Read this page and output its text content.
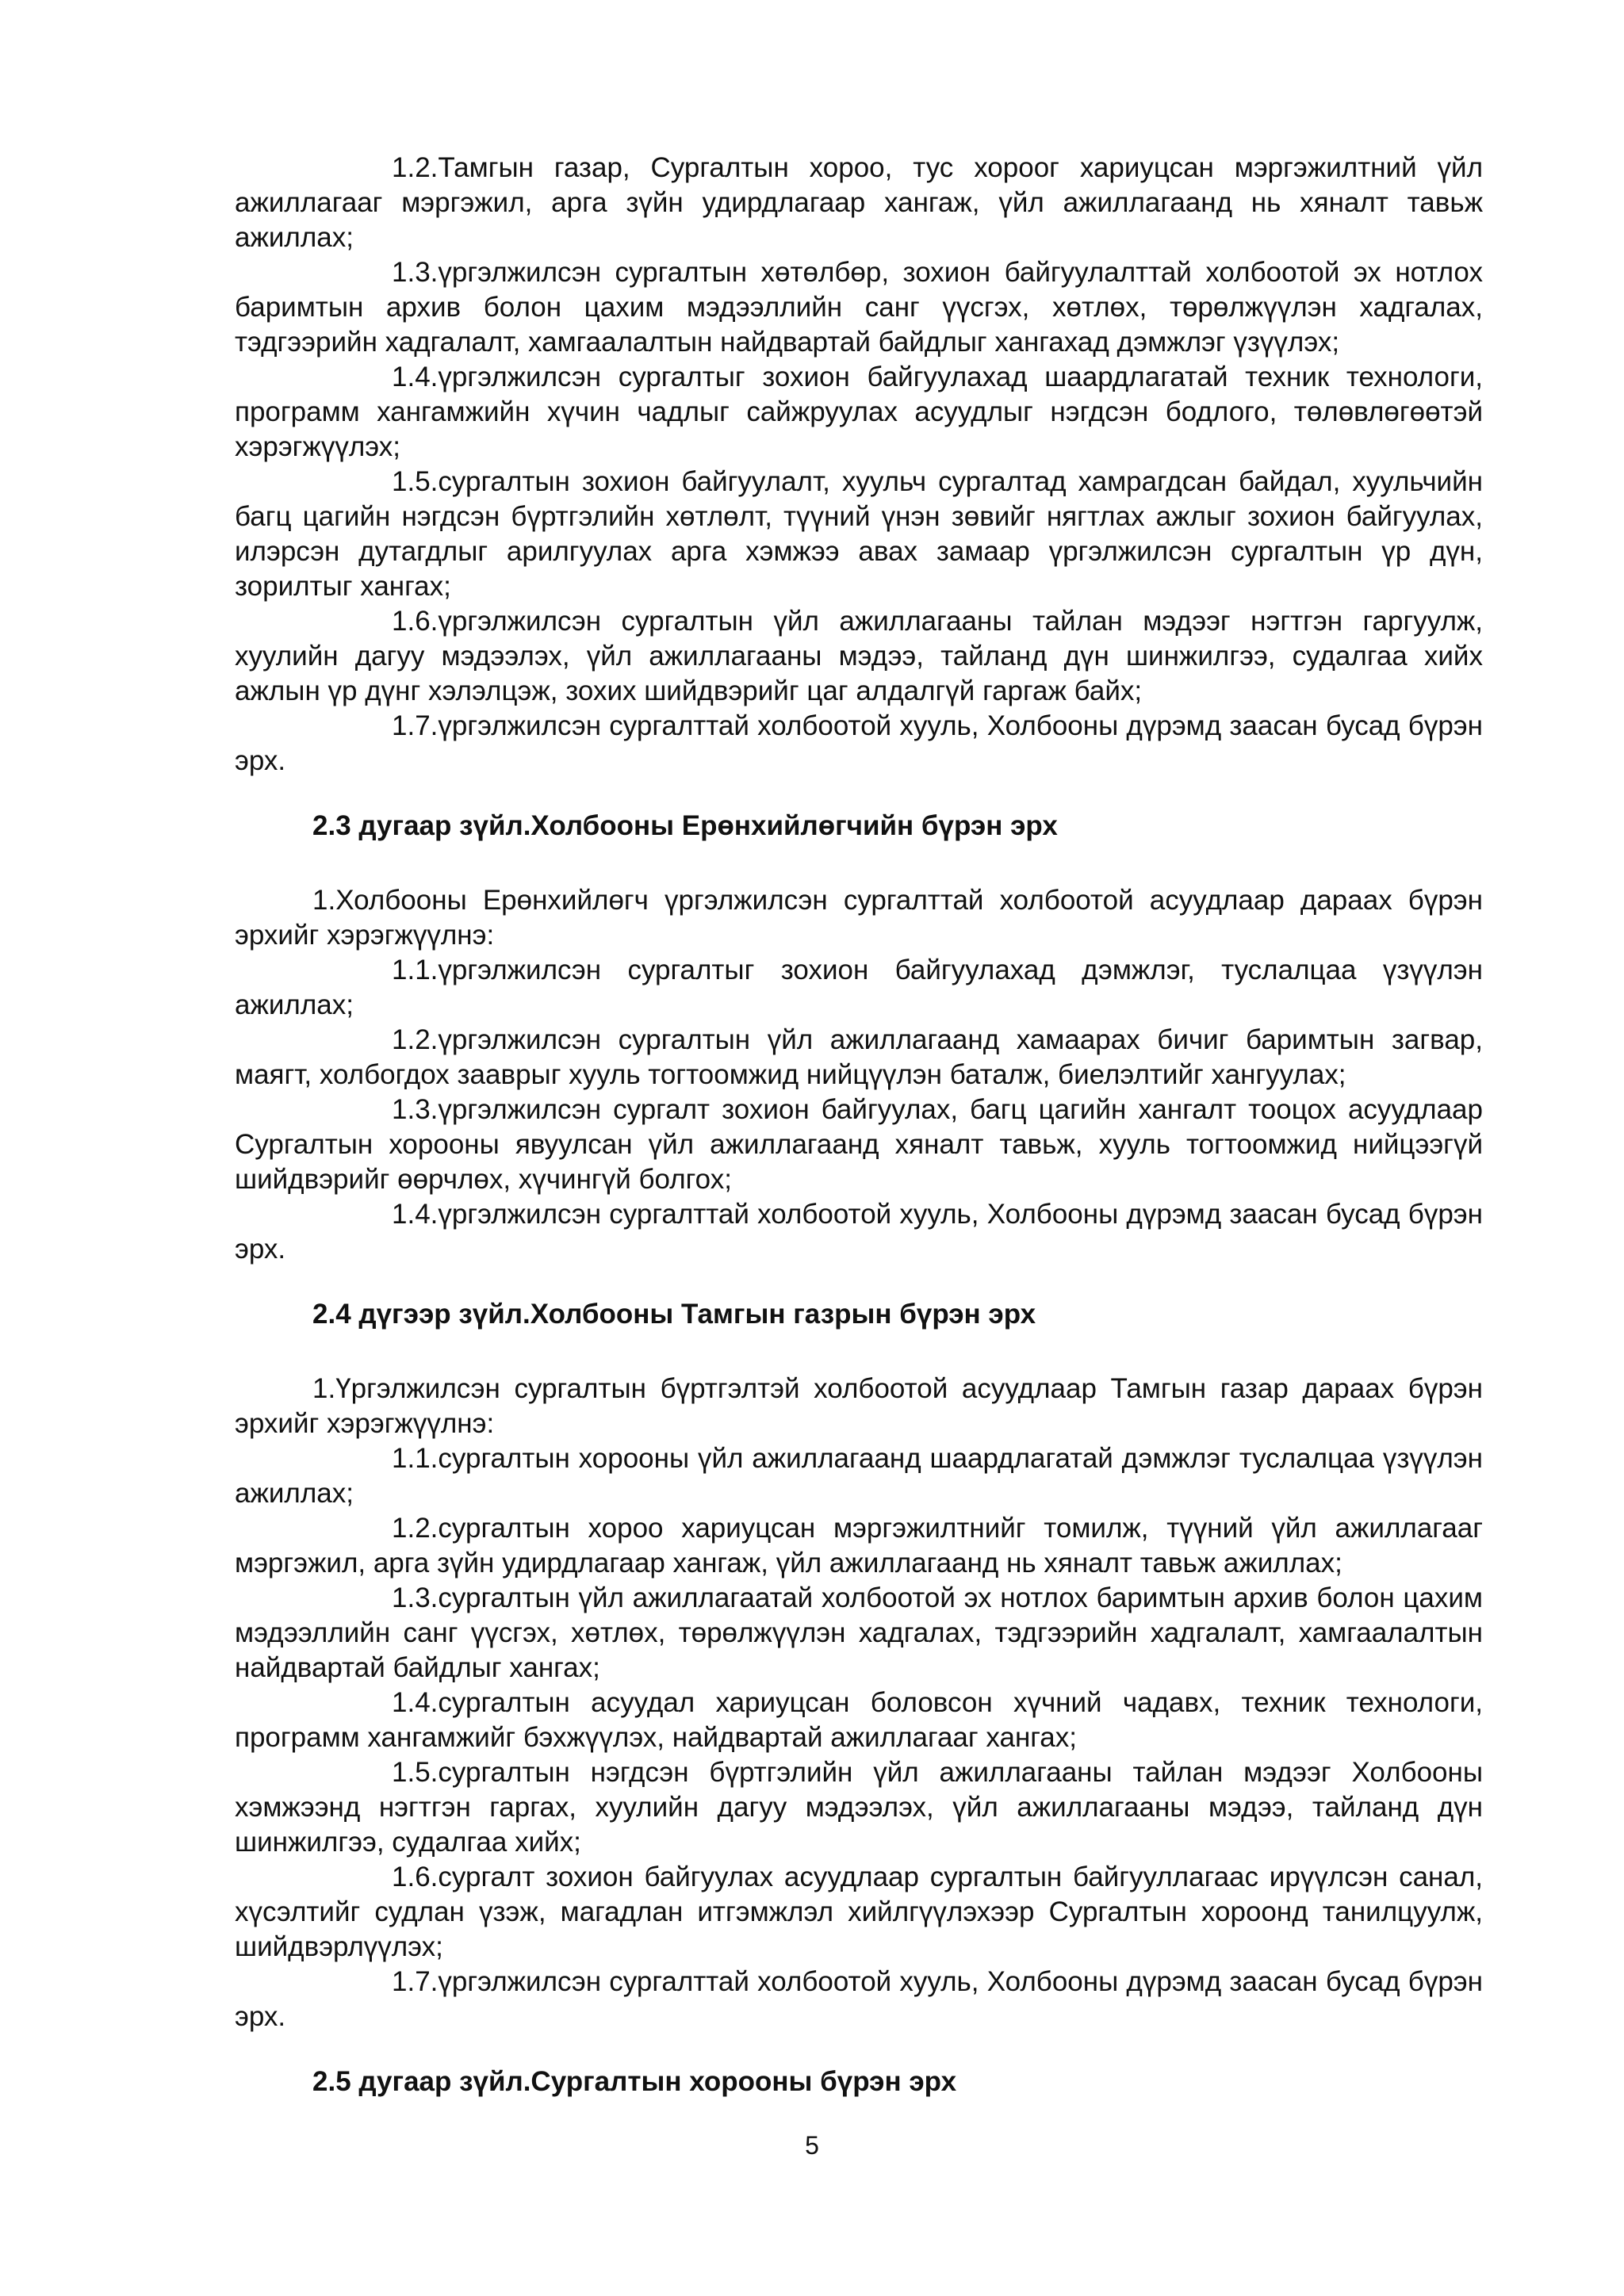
1.2.Тамгын газар, Сургалтын хороо, тус хороог хариуцсан мэргэжилтний үйл ажиллагааг мэргэжил, арга зүйн удирдлагаар хангаж, үйл ажиллагаанд нь хяналт тавьж ажиллах;

1.3.үргэлжилсэн сургалтын хөтөлбөр, зохион байгуулалттай холбоотой эх нотлох баримтын архив болон цахим мэдээллийн санг үүсгэх, хөтлөх, төрөлжүүлэн хадгалах, тэдгээрийн хадгалалт, хамгаалалтын найдвартай байдлыг хангахад дэмжлэг үзүүлэх;

1.4.үргэлжилсэн сургалтыг зохион байгуулахад шаардлагатай техник технологи, программ хангамжийн хүчин чадлыг сайжруулах асуудлыг нэгдсэн бодлого, төлөвлөгөөтэй хэрэгжүүлэх;

1.5.сургалтын зохион байгуулалт, хуульч сургалтад хамрагдсан байдал, хуульчийн багц цагийн нэгдсэн бүртгэлийн хөтлөлт, түүний үнэн зөвийг нягтлах ажлыг зохион байгуулах, илэрсэн дутагдлыг арилгуулах арга хэмжээ авах замаар үргэлжилсэн сургалтын үр дүн, зорилтыг хангах;

1.6.үргэлжилсэн сургалтын үйл ажиллагааны тайлан мэдээг нэгтгэн гаргуулж, хуулийн дагуу мэдээлэх, үйл ажиллагааны мэдээ, тайланд дүн шинжилгээ, судалгаа хийх ажлын үр дүнг хэлэлцэж, зохих шийдвэрийг цаг алдалгүй гаргаж байх;

1.7.үргэлжилсэн сургалттай холбоотой хууль, Холбооны дүрэмд заасан бусад бүрэн эрх.

2.3 дугаар зүйл.Холбооны Ерөнхийлөгчийн бүрэн эрх

1.Холбооны Ерөнхийлөгч үргэлжилсэн сургалттай холбоотой асуудлаар дараах бүрэн эрхийг хэрэгжүүлнэ:

1.1.үргэлжилсэн сургалтыг зохион байгуулахад дэмжлэг, туслалцаа үзүүлэн ажиллах;

1.2.үргэлжилсэн сургалтын үйл ажиллагаанд хамаарах бичиг баримтын загвар, маягт, холбогдох зааврыг хууль тогтоомжид нийцүүлэн баталж, биелэлтийг хангуулах;

1.3.үргэлжилсэн сургалт зохион байгуулах, багц цагийн хангалт тооцох асуудлаар Сургалтын хорооны явуулсан үйл ажиллагаанд хяналт тавьж, хууль тогтоомжид нийцээгүй шийдвэрийг өөрчлөх, хүчингүй болгох;

1.4.үргэлжилсэн сургалттай холбоотой хууль, Холбооны дүрэмд заасан бусад бүрэн эрх.

2.4 дүгээр зүйл.Холбооны Тамгын газрын бүрэн эрх

1.Үргэлжилсэн сургалтын бүртгэлтэй холбоотой асуудлаар Тамгын газар дараах бүрэн эрхийг хэрэгжүүлнэ:

1.1.сургалтын хорооны үйл ажиллагаанд шаардлагатай дэмжлэг туслалцаа үзүүлэн ажиллах;

1.2.сургалтын хороо хариуцсан мэргэжилтнийг томилж, түүний үйл ажиллагааг мэргэжил, арга зүйн удирдлагаар хангаж, үйл ажиллагаанд нь хяналт тавьж ажиллах;

1.3.сургалтын үйл ажиллагаатай холбоотой эх нотлох баримтын архив болон цахим мэдээллийн санг үүсгэх, хөтлөх, төрөлжүүлэн хадгалах, тэдгээрийн хадгалалт, хамгаалалтын найдвартай байдлыг хангах;

1.4.сургалтын асуудал хариуцсан боловсон хүчний чадавх, техник технологи, программ хангамжийг бэхжүүлэх, найдвартай ажиллагааг хангах;

1.5.сургалтын нэгдсэн бүртгэлийн үйл ажиллагааны тайлан мэдээг Холбооны хэмжээнд нэгтгэн гаргах, хуулийн дагуу мэдээлэх, үйл ажиллагааны мэдээ, тайланд дүн шинжилгээ, судалгаа хийх;

1.6.сургалт зохион байгуулах асуудлаар сургалтын байгууллагаас ирүүлсэн санал, хүсэлтийг судлан үзэж, магадлан итгэмжлэл хийлгүүлэхээр Сургалтын хороонд танилцуулж, шийдвэрлүүлэх;

1.7.үргэлжилсэн сургалттай холбоотой хууль, Холбооны дүрэмд заасан бусад бүрэн эрх.

2.5 дугаар зүйл.Сургалтын хорооны бүрэн эрх

5
